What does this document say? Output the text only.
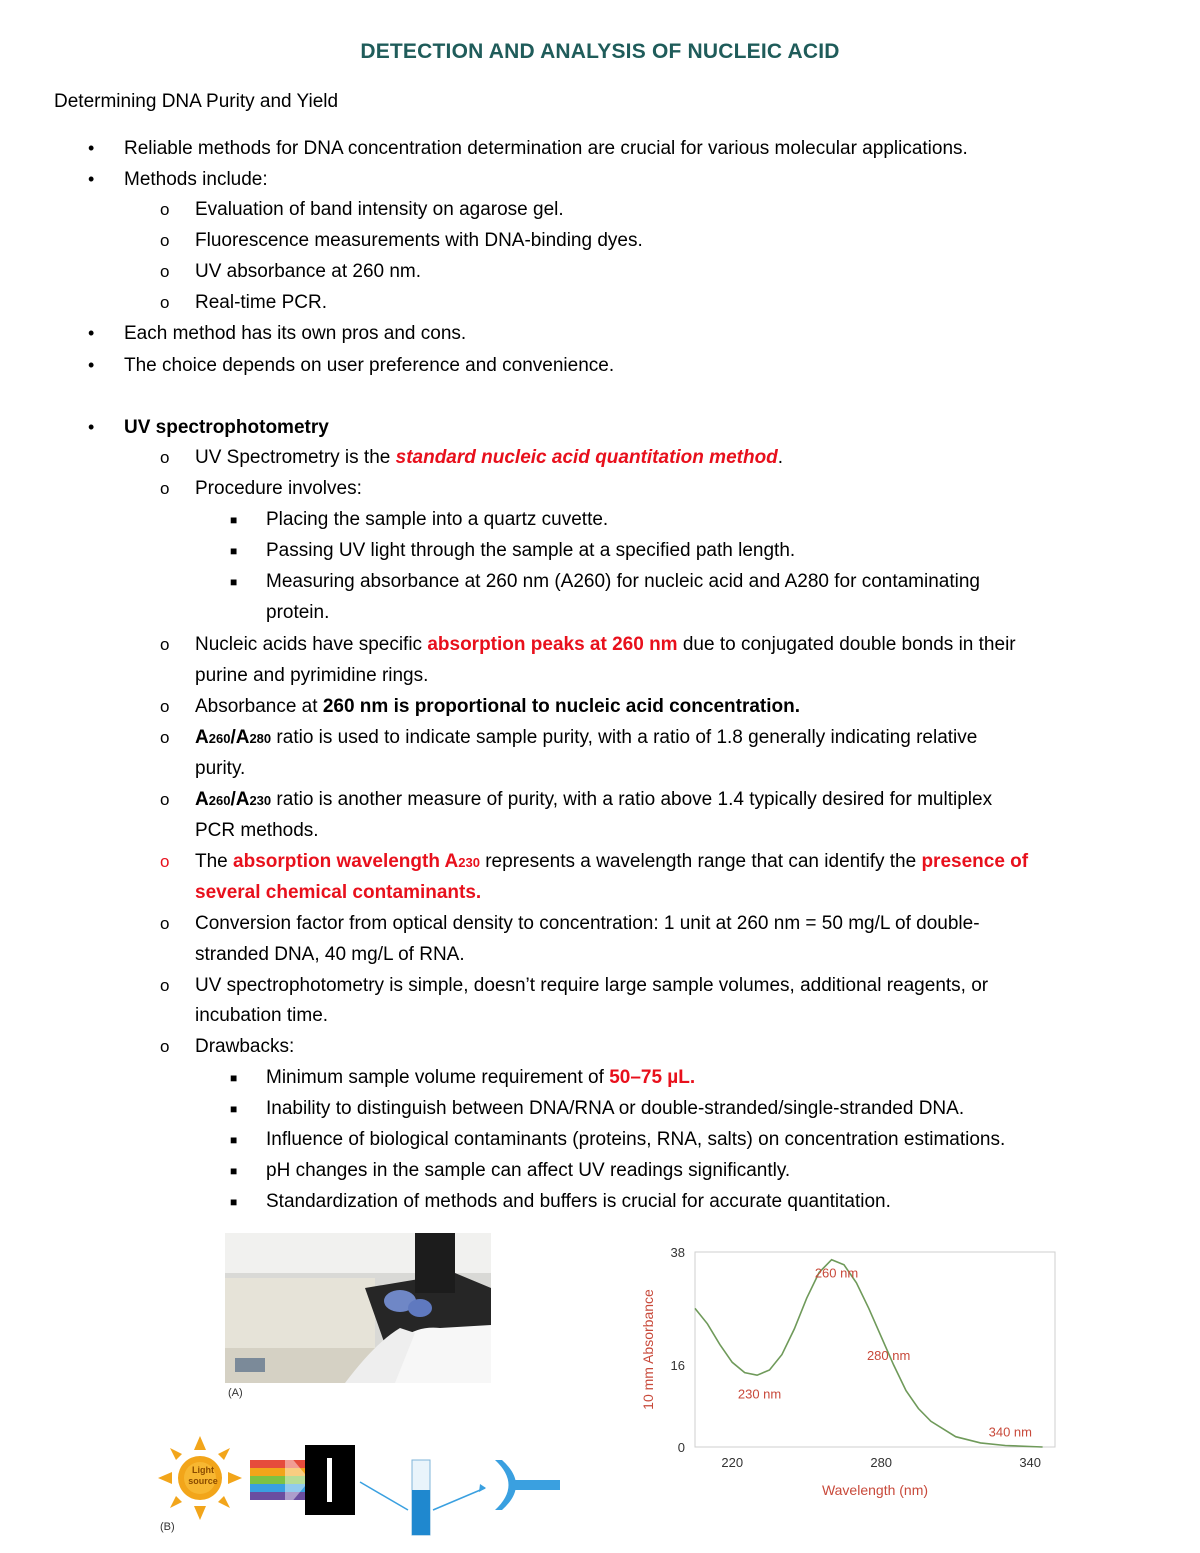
DETECTION AND ANALYSIS OF NUCLEIC ACID
Determining DNA Purity and Yield
• Reliable methods for DNA concentration determination are crucial for various molecular applications.
• Methods include:
o Evaluation of band intensity on agarose gel.
o Fluorescence measurements with DNA-binding dyes.
o UV absorbance at 260 nm.
o Real-time PCR.
• Each method has its own pros and cons.
• The choice depends on user preference and convenience.
• UV spectrophotometry
o UV Spectrometry is the standard nucleic acid quantitation method.
o Procedure involves:
■ Placing the sample into a quartz cuvette.
■ Passing UV light through the sample at a specified path length.
■ Measuring absorbance at 260 nm (A260) for nucleic acid and A280 for contaminating
protein.
o Nucleic acids have specific absorption peaks at 260 nm due to conjugated double bonds in their
purine and pyrimidine rings.
o Absorbance at 260 nm is proportional to nucleic acid concentration.
o A260/A280 ratio is used to indicate sample purity, with a ratio of 1.8 generally indicating relative
purity.
o A260/A230 ratio is another measure of purity, with a ratio above 1.4 typically desired for multiplex
PCR methods.
o The absorption wavelength A230 represents a wavelength range that can identify the presence of
several chemical contaminants.
o Conversion factor from optical density to concentration: 1 unit at 260 nm = 50 mg/L of double-
stranded DNA, 40 mg/L of RNA.
o UV spectrophotometry is simple, doesn’t require large sample volumes, additional reagents, or
incubation time.
o Drawbacks:
■ Minimum sample volume requirement of 50–75 µL.
■ Inability to distinguish between DNA/RNA or double-stranded/single-stranded DNA.
■ Influence of biological contaminants (proteins, RNA, salts) on concentration estimations.
■ pH changes in the sample can affect UV readings significantly.
■ Standardization of methods and buffers is crucial for accurate quantitation.
(A)
Light source
(B)
0
16
38
220	280	340
260 nm
230 nm
280 nm
340 nm
Wavelength (nm)
10 mm Absorbance
